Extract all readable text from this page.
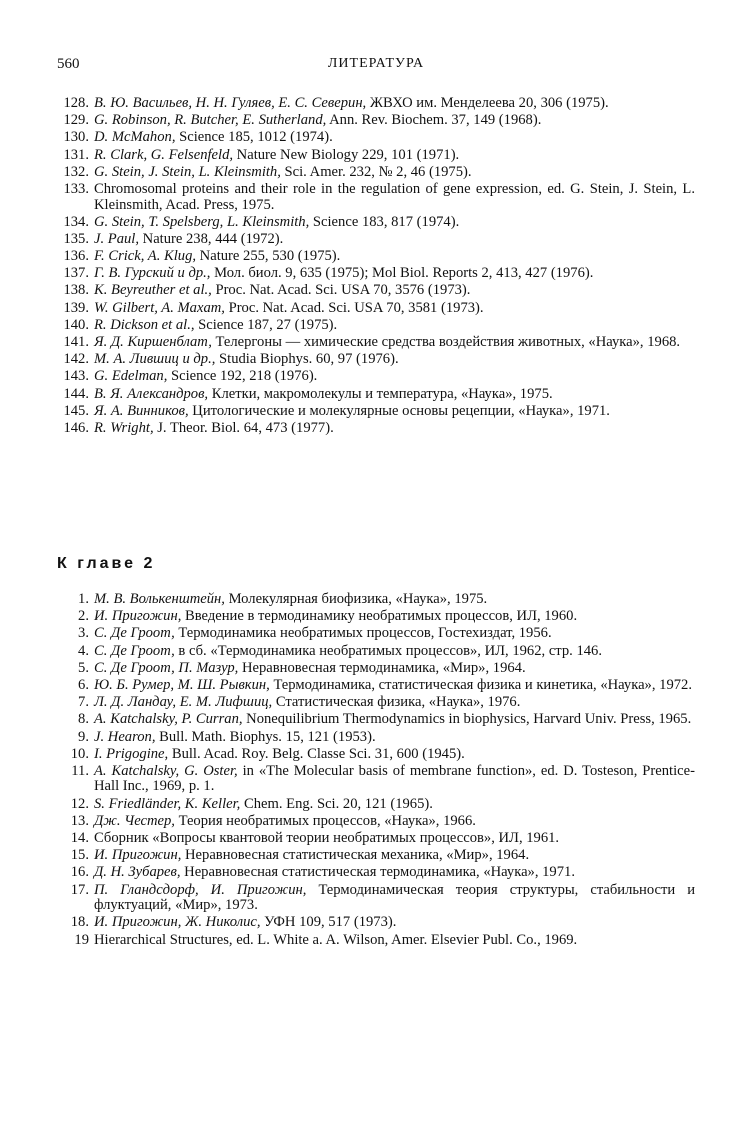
560	ЛИТЕРАТУРА
128. В. Ю. Васильев, Н. Н. Гуляев, Е. С. Северин, ЖВХО им. Менделеева 20, 306 (1975).
129. G. Robinson, R. Butcher, E. Sutherland, Ann. Rev. Biochem. 37, 149 (1968).
130. D. McMahon, Science 185, 1012 (1974).
131. R. Clark, G. Felsenfeld, Nature New Biology 229, 101 (1971).
132. G. Stein, J. Stein, L. Kleinsmith, Sci. Amer. 232, № 2, 46 (1975).
133. Chromosomal proteins and their role in the regulation of gene expression, ed. G. Stein, J. Stein, L. Kleinsmith, Acad. Press, 1975.
134. G. Stein, T. Spelsberg, L. Kleinsmith, Science 183, 817 (1974).
135. J. Paul, Nature 238, 444 (1972).
136. F. Crick, A. Klug, Nature 255, 530 (1975).
137. Г. В. Гурский и др., Мол. биол. 9, 635 (1975); Mol Biol. Reports 2, 413, 427 (1976).
138. K. Beyreuther et al., Proc. Nat. Acad. Sci. USA 70, 3576 (1973).
139. W. Gilbert, A. Maxam, Proc. Nat. Acad. Sci. USA 70, 3581 (1973).
140. R. Dickson et al., Science 187, 27 (1975).
141. Я. Д. Киршенблат, Телергоны — химические средства воздействия животных, «Наука», 1968.
142. М. А. Лившиц и др., Studia Biophys. 60, 97 (1976).
143. G. Edelman, Science 192, 218 (1976).
144. В. Я. Александров, Клетки, макромолекулы и температура, «Наука», 1975.
145. Я. А. Винников, Цитологические и молекулярные основы рецепции, «Наука», 1971.
146. R. Wright, J. Theor. Biol. 64, 473 (1977).
К главе 2
1. М. В. Волькенштейн, Молекулярная биофизика, «Наука», 1975.
2. И. Пригожин, Введение в термодинамику необратимых процессов, ИЛ, 1960.
3. С. Де Гроот, Термодинамика необратимых процессов, Гостехиздат, 1956.
4. С. Де Гроот, в сб. «Термодинамика необратимых процессов», ИЛ, 1962, стр. 146.
5. С. Де Гроот, П. Мазур, Неравновесная термодинамика, «Мир», 1964.
6. Ю. Б. Румер, М. Ш. Рывкин, Термодинамика, статистическая физика и кинетика, «Наука», 1972.
7. Л. Д. Ландау, Е. М. Лифшиц, Статистическая физика, «Наука», 1976.
8. A. Katchalsky, P. Curran, Nonequilibrium Thermodynamics in biophysics, Harvard Univ. Press, 1965.
9. J. Hearon, Bull. Math. Biophys. 15, 121 (1953).
10. I. Prigogine, Bull. Acad. Roy. Belg. Classe Sci. 31, 600 (1945).
11. A. Katchalsky, G. Oster, in «The Molecular basis of membrane function», ed. D. Tosteson, Prentice-Hall Inc., 1969, p. 1.
12. S. Friedländer, K. Keller, Chem. Eng. Sci. 20, 121 (1965).
13. Дж. Честер, Теория необратимых процессов, «Наука», 1966.
14. Сборник «Вопросы квантовой теории необратимых процессов», ИЛ, 1961.
15. И. Пригожин, Неравновесная статистическая механика, «Мир», 1964.
16. Д. Н. Зубарев, Неравновесная статистическая термодинамика, «Наука», 1971.
17. П. Гландсдорф, И. Пригожин, Термодинамическая теория структуры, стабильности и флуктуаций, «Мир», 1973.
18. И. Пригожин, Ж. Николис, УФН 109, 517 (1973).
19 Hierarchical Structures, ed. L. White a. A. Wilson, Amer. Elsevier Publ. Co., 1969.
